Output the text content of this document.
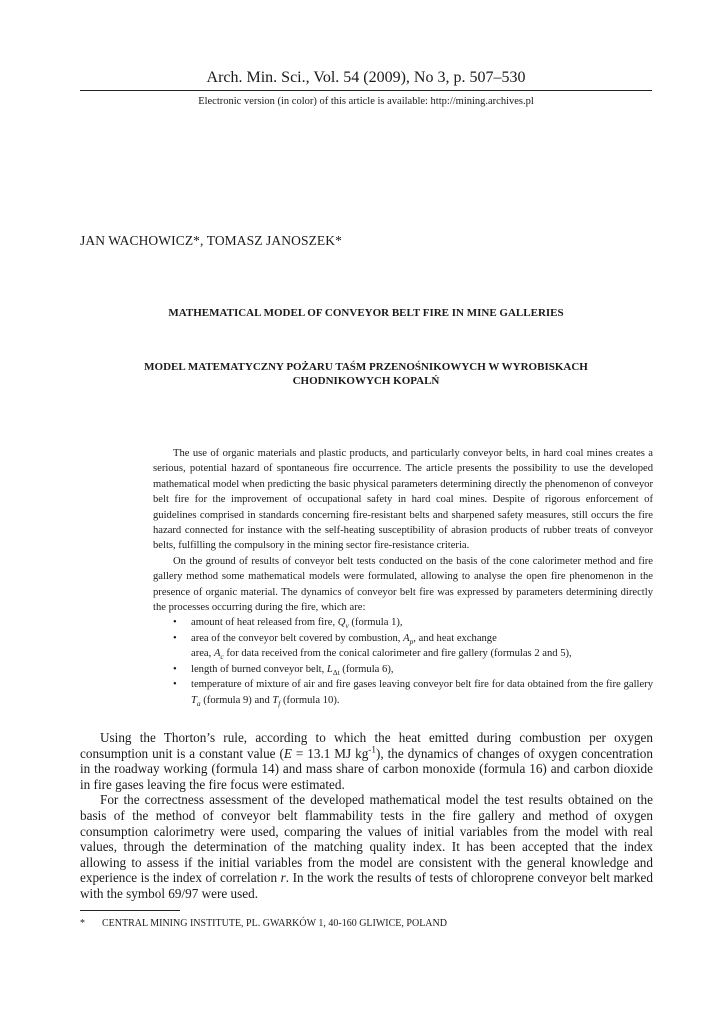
Arch. Min. Sci., Vol. 54 (2009), No 3, p. 507–530
Electronic version (in color) of this article is available: http://mining.archives.pl
JAN WACHOWICZ*, TOMASZ JANOSZEK*
MATHEMATICAL MODEL OF CONVEYOR BELT FIRE IN MINE GALLERIES
MODEL MATEMATYCZNY POŻARU TAŚM PRZENOŚNIKOWYCH W WYROBISKACH CHODNIKOWYCH KOPALŃ

The use of organic materials and plastic products, and particularly conveyor belts, in hard coal mines creates a serious, potential hazard of spontaneous fire occurrence. The article presents the possibility to use the developed mathematical model when predicting the basic physical parameters determining directly the phenomenon of conveyor belt fire for the improvement of occupational safety in hard coal mines. Despite of rigorous enforcement of guidelines comprised in standards concerning fire-resistant belts and sharpened safety measures, still occurs the fire hazard connected for instance with the self-heating susceptibility of abrasion products of rubber treats of conveyor belts, fulfilling the compulsory in the mining sector fire-resistance criteria.

On the ground of results of conveyor belt tests conducted on the basis of the cone calorimeter method and fire gallery method some mathematical models were formulated, allowing to analyse the open fire phenomenon in the presence of organic material. The dynamics of conveyor belt fire was expressed by parameters determining directly the processes occurring during the fire, which are:

• amount of heat released from fire, $Q_v$ (formula 1),
• area of the conveyor belt covered by combustion, $A_p$, and heat exchange
area, $A_c$ for data received from the conical calorimeter and fire gallery (formulas 2 and 5),
• length of burned conveyor belt, $L_{\Delta t}$ (formula 6),
• temperature of mixture of air and fire gases leaving conveyor belt fire for data obtained from the fire gallery $T_a$ (formula 9) and $T_f$ (formula 10).

Using the Thorton’s rule, according to which the heat emitted during combustion per oxygen consumption unit is a constant value (E = 13.1 MJ $kg^{-1}$), the dynamics of changes of oxygen concentration in the roadway working (formula 14) and mass share of carbon monoxide (formula 16) and carbon dioxide in fire gases leaving the fire focus were estimated.

For the correctness assessment of the developed mathematical model the test results obtained on the basis of the method of conveyor belt flammability tests in the fire gallery and method of oxygen consumption calorimetry were used, comparing the values of initial variables from the model with real values, through the determination of the matching quality index. It has been accepted that the index allowing to assess if the initial variables from the model are consistent with the general knowledge and experience is the index of correlation r. In the work the results of tests of chloroprene conveyor belt marked with the symbol 69/97 were used.

* CENTRAL MINING INSTITUTE, PL. GWARKÓW 1, 40-160 GLIWICE, POLAND
